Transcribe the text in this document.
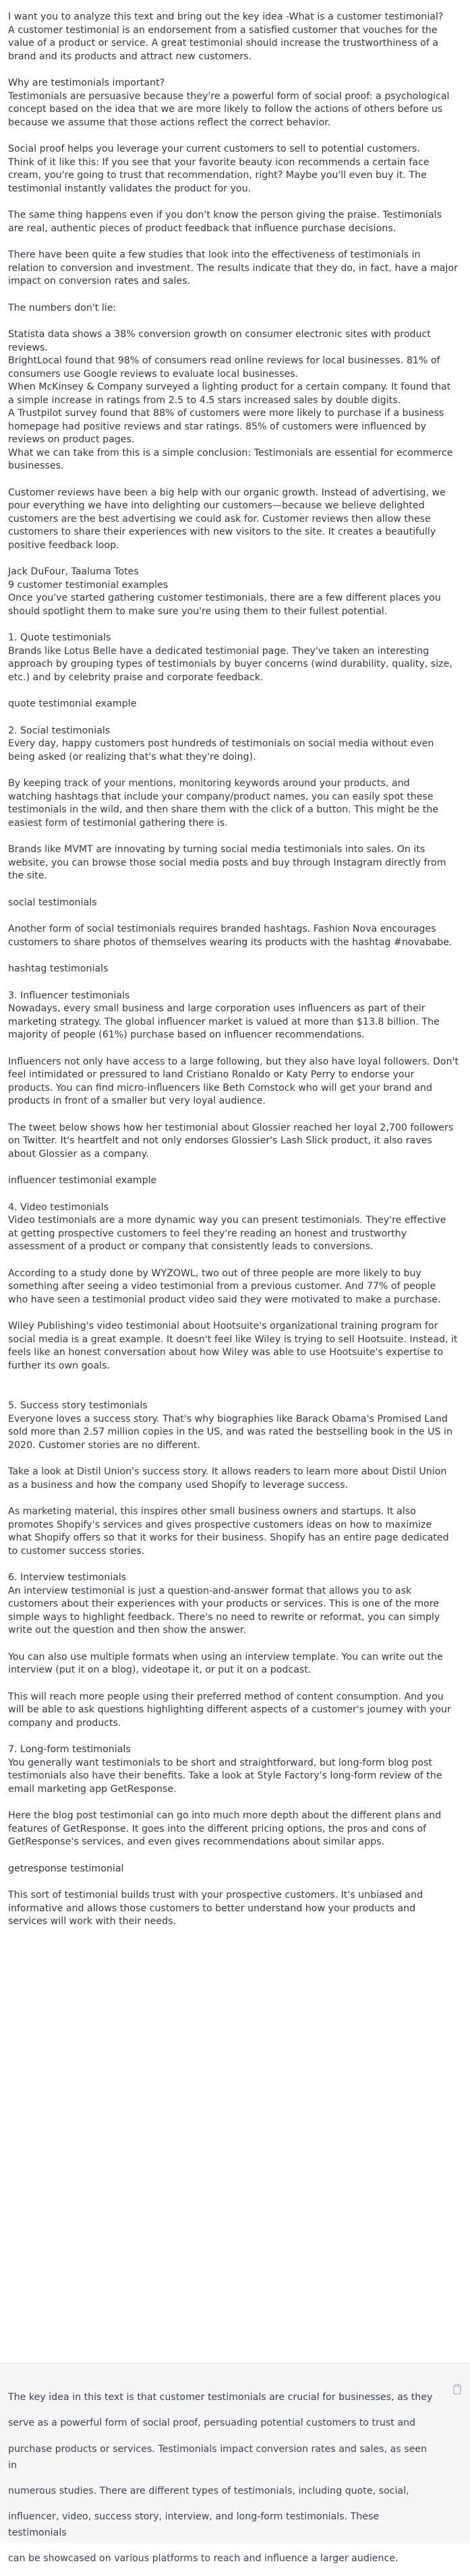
I want you to analyze this text and bring out the key idea -What is a customer testimonial?

A customer testimonial is an endorsement from a satisfied customer that vouches for the

value of a product or service. A great testimonial should increase the trustworthiness of a

brand and its products and attract new customers.

Why are testimonials important?

Testimonials are persuasive because they're a powerful form of social proof: a psychological

concept based on the idea that we are more likely to follow the actions of others before us

because we assume that those actions reflect the correct behavior.

Social proof helps you leverage your current customers to sell to potential customers.

Think of it like this: If you see that your favorite beauty icon recommends a certain face

cream, you're going to trust that recommendation, right? Maybe you'll even buy it. The

testimonial instantly validates the product for you.

The same thing happens even if you don't know the person giving the praise. Testimonials

are real, authentic pieces of product feedback that influence purchase decisions.

There have been quite a few studies that look into the effectiveness of testimonials in

relation to conversion and investment. The results indicate that they do, in fact, have a major

impact on conversion rates and sales.

The numbers don't lie:

Statista data shows a 38% conversion growth on consumer electronic sites with product

reviews.

BrightLocal found that 98% of consumers read online reviews for local businesses. 81% of

consumers use Google reviews to evaluate local businesses.

When McKinsey & Company surveyed a lighting product for a certain company. It found that

a simple increase in ratings from 2.5 to 4.5 stars increased sales by double digits.

A Trustpilot survey found that 88% of customers were more likely to purchase if a business

homepage had positive reviews and star ratings. 85% of customers were influenced by

reviews on product pages.

What we can take from this is a simple conclusion: Testimonials are essential for ecommerce

businesses.

Customer reviews have been a big help with our organic growth. Instead of advertising, we

pour everything we have into delighting our customers—because we believe delighted

customers are the best advertising we could ask for. Customer reviews then allow these

customers to share their experiences with new visitors to the site. It creates a beautifully

positive feedback loop.

Jack DuFour, Taaluma Totes

9 customer testimonial examples

Once you've started gathering customer testimonials, there are a few different places you

should spotlight them to make sure you're using them to their fullest potential.

1. Quote testimonials

Brands like Lotus Belle have a dedicated testimonial page. They've taken an interesting

approach by grouping types of testimonials by buyer concerns (wind durability, quality, size,

etc.) and by celebrity praise and corporate feedback.

quote testimonial example

2. Social testimonials

Every day, happy customers post hundreds of testimonials on social media without even

being asked (or realizing that's what they're doing).

By keeping track of your mentions, monitoring keywords around your products, and

watching hashtags that include your company/product names, you can easily spot these

testimonials in the wild, and then share them with the click of a button. This might be the

easiest form of testimonial gathering there is.

Brands like MVMT are innovating by turning social media testimonials into sales. On its

website, you can browse those social media posts and buy through Instagram directly from

the site.

social testimonials

Another form of social testimonials requires branded hashtags. Fashion Nova encourages

customers to share photos of themselves wearing its products with the hashtag #novababe.

hashtag testimonials

3. Influencer testimonials

Nowadays, every small business and large corporation uses influencers as part of their

marketing strategy. The global influencer market is valued at more than $13.8 billion. The

majority of people (61%) purchase based on influencer recommendations.

Influencers not only have access to a large following, but they also have loyal followers. Don't

feel intimidated or pressured to land Cristiano Ronaldo or Katy Perry to endorse your

products. You can find micro-influencers like Beth Comstock who will get your brand and

products in front of a smaller but very loyal audience.

The tweet below shows how her testimonial about Glossier reached her loyal 2,700 followers

on Twitter. It's heartfelt and not only endorses Glossier's Lash Slick product, it also raves

about Glossier as a company.

influencer testimonial example

4. Video testimonials

Video testimonials are a more dynamic way you can present testimonials. They're effective

at getting prospective customers to feel they're reading an honest and trustworthy

assessment of a product or company that consistently leads to conversions.

According to a study done by WYZOWL, two out of three people are more likely to buy

something after seeing a video testimonial from a previous customer. And 77% of people

who have seen a testimonial product video said they were motivated to make a purchase.

Wiley Publishing's video testimonial about Hootsuite's organizational training program for

social media is a great example. It doesn't feel like Wiley is trying to sell Hootsuite. Instead, it

feels like an honest conversation about how Wiley was able to use Hootsuite's expertise to

further its own goals.

5. Success story testimonials

Everyone loves a success story. That's why biographies like Barack Obama's Promised Land

sold more than 2.57 million copies in the US, and was rated the bestselling book in the US in

2020. Customer stories are no different.

Take a look at Distil Union's success story. It allows readers to learn more about Distil Union

as a business and how the company used Shopify to leverage success.

As marketing material, this inspires other small business owners and startups. It also

promotes Shopify's services and gives prospective customers ideas on how to maximize

what Shopify offers so that it works for their business. Shopify has an entire page dedicated

to customer success stories.

6. Interview testimonials

An interview testimonial is just a question-and-answer format that allows you to ask

customers about their experiences with your products or services. This is one of the more

simple ways to highlight feedback. There's no need to rewrite or reformat, you can simply

write out the question and then show the answer.

You can also use multiple formats when using an interview template. You can write out the

interview (put it on a blog), videotape it, or put it on a podcast.

This will reach more people using their preferred method of content consumption. And you

will be able to ask questions highlighting different aspects of a customer's journey with your

company and products.

7. Long-form testimonials

You generally want testimonials to be short and straightforward, but long-form blog post

testimonials also have their benefits. Take a look at Style Factory's long-form review of the

email marketing app GetResponse.

Here the blog post testimonial can go into much more depth about the different plans and

features of GetResponse. It goes into the different pricing options, the pros and cons of

GetResponse's services, and even gives recommendations about similar apps.

getresponse testimonial

This sort of testimonial builds trust with your prospective customers. It's unbiased and

informative and allows those customers to better understand how your products and

services will work with their needs.

The key idea in this text is that customer testimonials are crucial for businesses, as they

serve as a powerful form of social proof, persuading potential customers to trust and

purchase products or services. Testimonials impact conversion rates and sales, as seen in

numerous studies. There are different types of testimonials, including quote, social,

influencer, video, success story, interview, and long-form testimonials. These testimonials

can be showcased on various platforms to reach and influence a larger audience.
